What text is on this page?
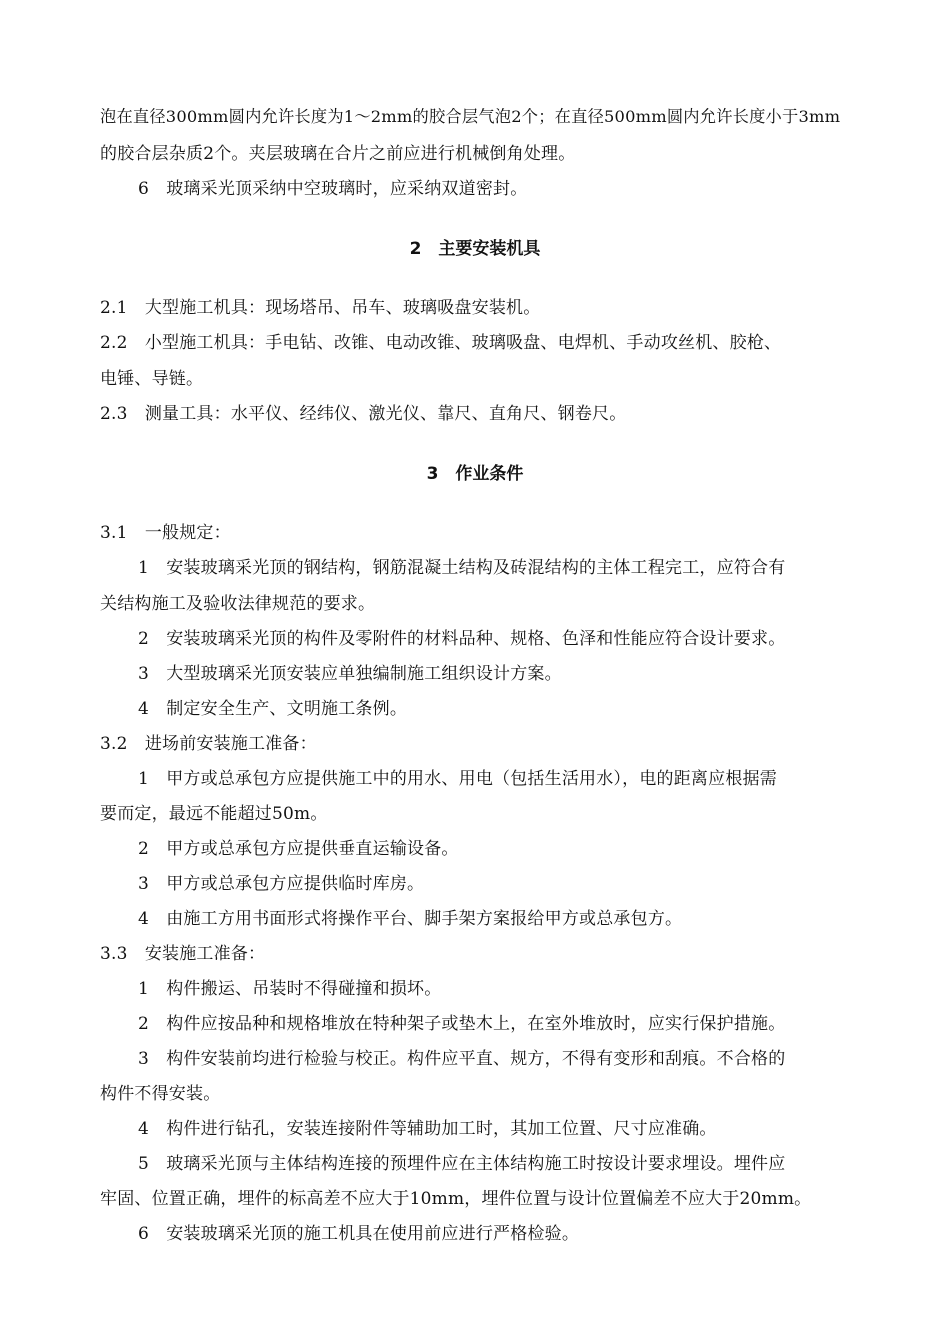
泡在直径300mm圆内允许长度为1～2mm的胶合层气泡2个；在直径500mm圆内允许长度小于3mm
的胶合层杂质2个。夹层玻璃在合片之前应进行机械倒角处理。
6　玻璃采光顶采纳中空玻璃时，应采纳双道密封。
2　主要安装机具
2.1　大型施工机具：现场塔吊、吊车、玻璃吸盘安装机。
2.2　小型施工机具：手电钻、改锥、电动改锥、玻璃吸盘、电焊机、手动攻丝机、胶枪、
电锤、导链。
2.3　测量工具：水平仪、经纬仪、激光仪、靠尺、直角尺、钢卷尺。
3　作业条件
3.1　一般规定：
1　安装玻璃采光顶的钢结构，钢筋混凝土结构及砖混结构的主体工程完工，应符合有
关结构施工及验收法律规范的要求。
2　安装玻璃采光顶的构件及零附件的材料品种、规格、色泽和性能应符合设计要求。
3　大型玻璃采光顶安装应单独编制施工组织设计方案。
4　制定安全生产、文明施工条例。
3.2　进场前安装施工准备：
1　甲方或总承包方应提供施工中的用水、用电（包括生活用水），电的距离应根据需
要而定，最远不能超过50m。
2　甲方或总承包方应提供垂直运输设备。
3　甲方或总承包方应提供临时库房。
4　由施工方用书面形式将操作平台、脚手架方案报给甲方或总承包方。
3.3　安装施工准备：
1　构件搬运、吊装时不得碰撞和损坏。
2　构件应按品种和规格堆放在特种架子或垫木上，在室外堆放时，应实行保护措施。
3　构件安装前均进行检验与校正。构件应平直、规方，不得有变形和刮痕。不合格的
构件不得安装。
4　构件进行钻孔，安装连接附件等辅助加工时，其加工位置、尺寸应准确。
5　玻璃采光顶与主体结构连接的预埋件应在主体结构施工时按设计要求埋设。埋件应
牢固、位置正确，埋件的标高差不应大于10mm，埋件位置与设计位置偏差不应大于20mm。
6　安装玻璃采光顶的施工机具在使用前应进行严格检验。
